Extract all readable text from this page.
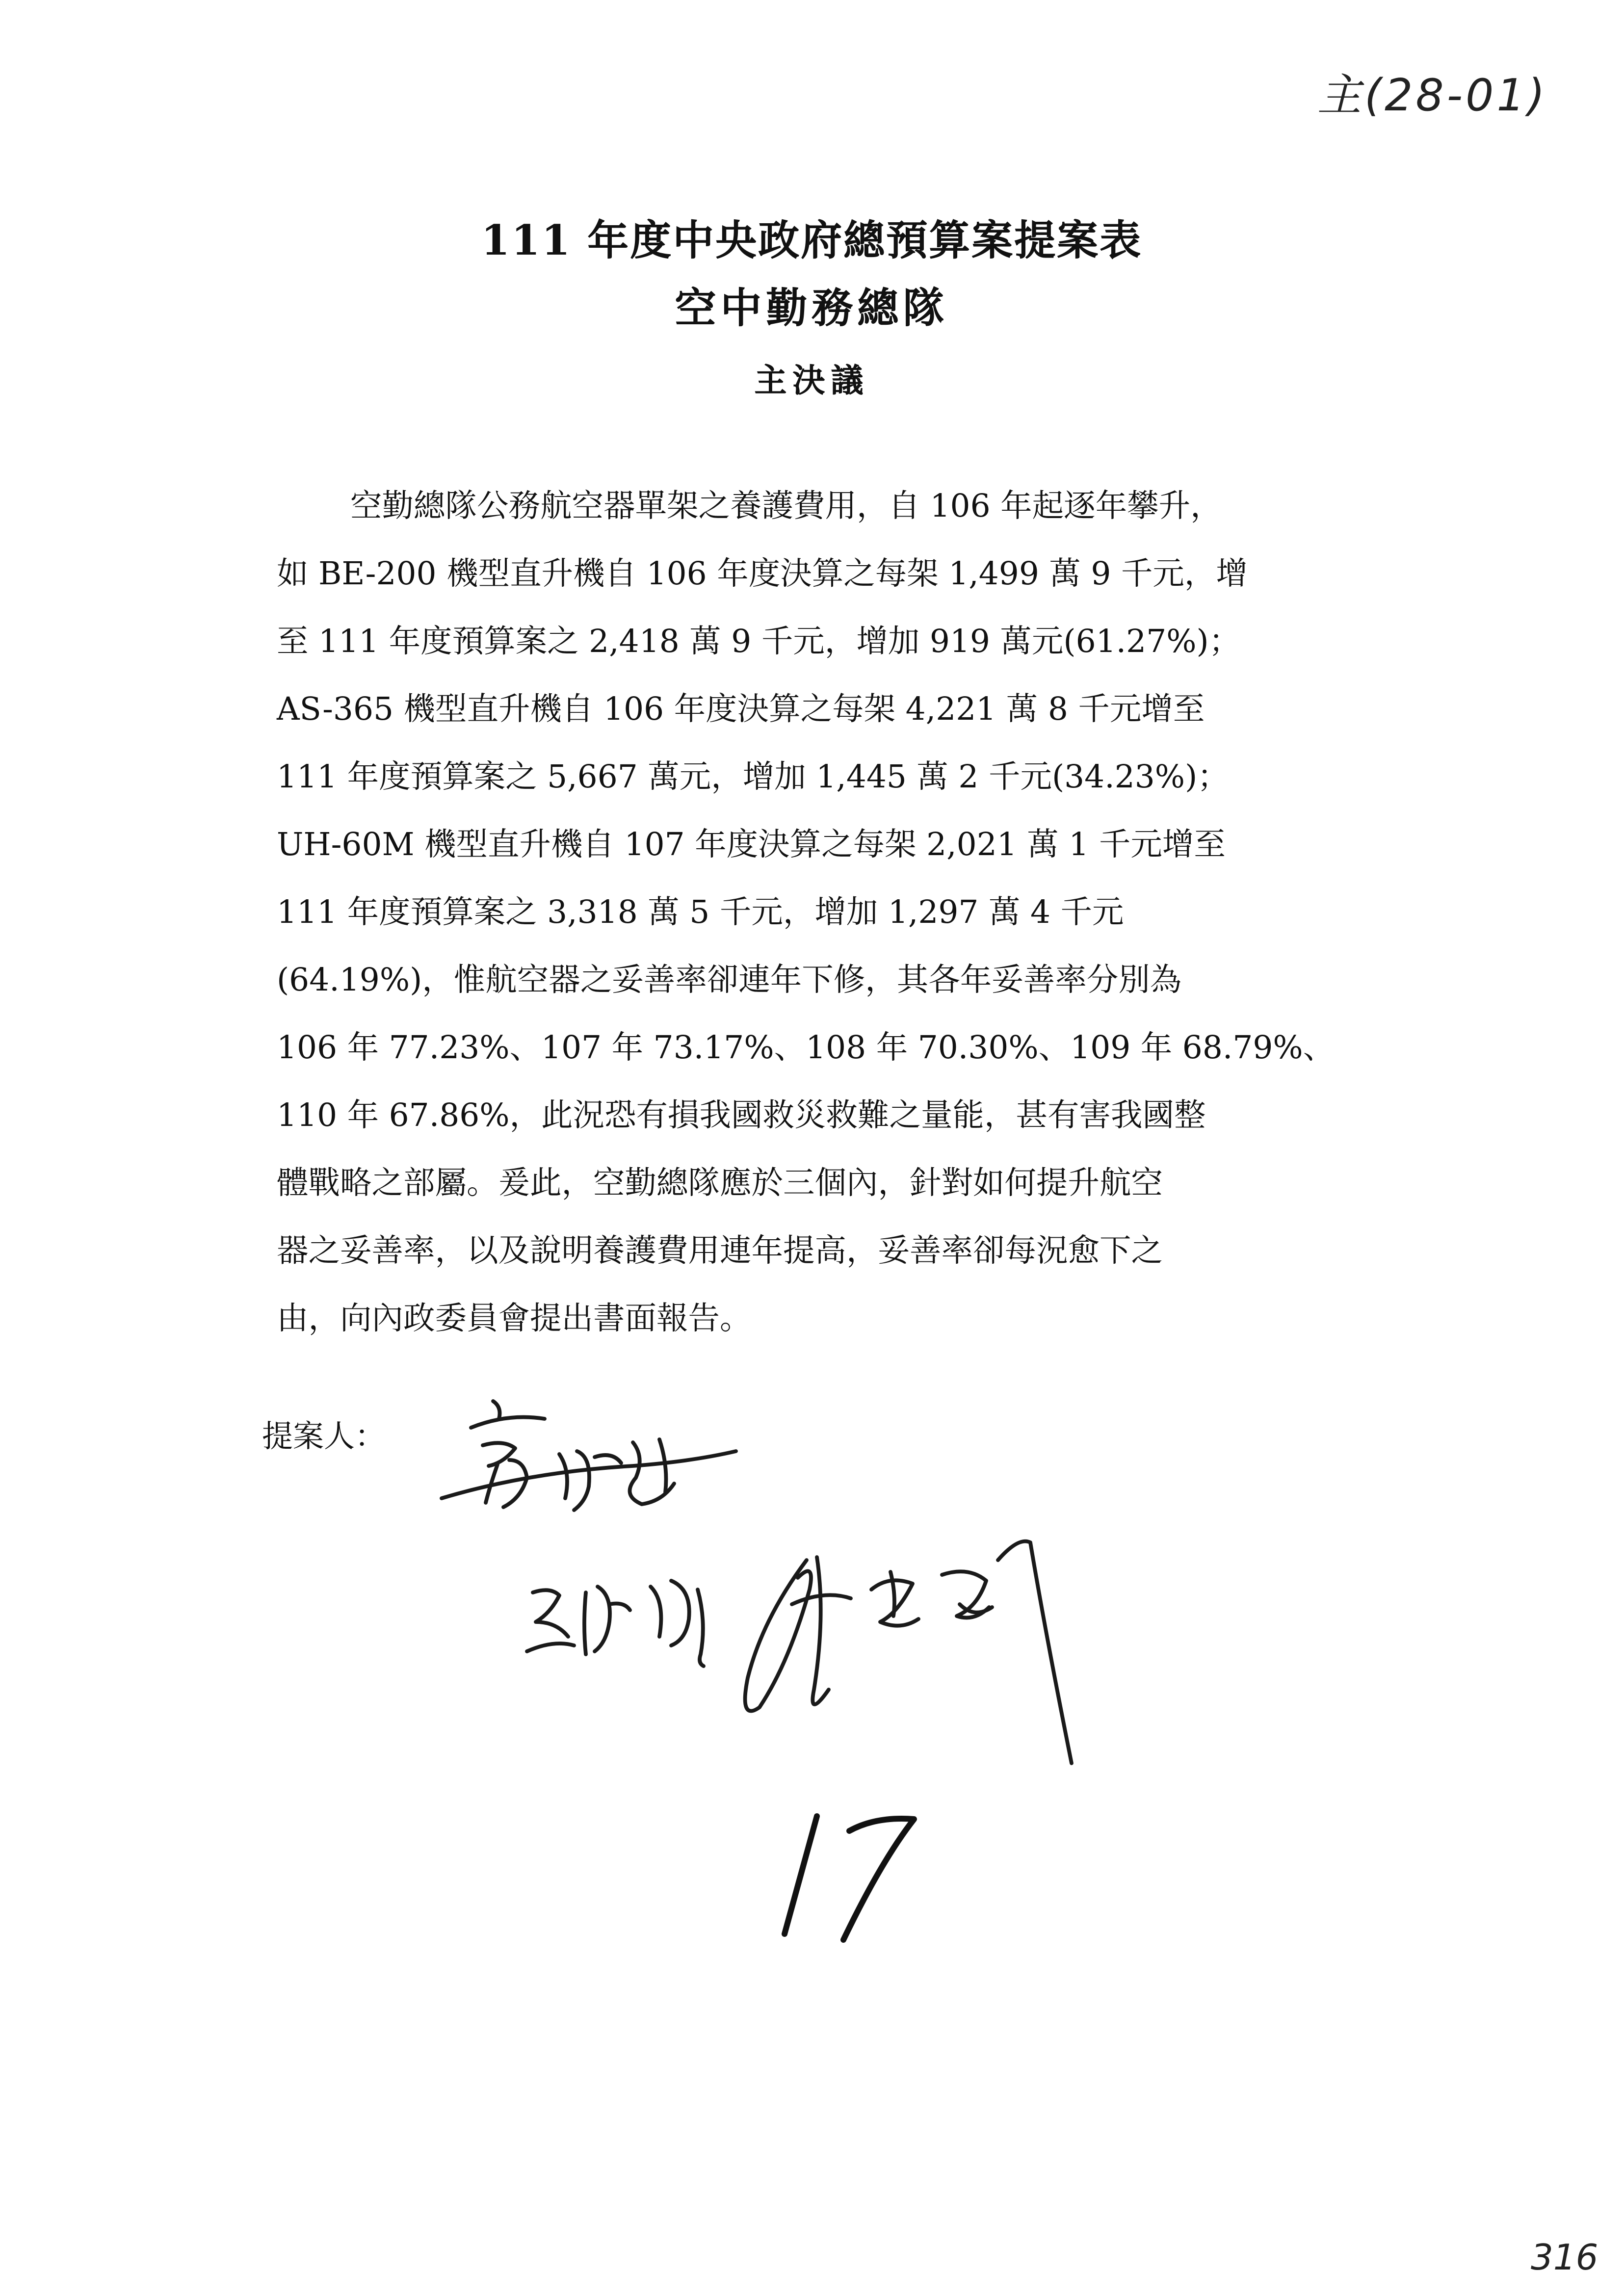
主(28-01)
111 年度中央政府總預算案提案表
空中勤務總隊
主決議
空勤總隊公務航空器單架之養護費用，自 106 年起逐年攀升，
如 BE-200 機型直升機自 106 年度決算之每架 1,499 萬 9 千元，增
至 111 年度預算案之 2,418 萬 9 千元，增加 919 萬元(61.27%)；
AS-365 機型直升機自 106 年度決算之每架 4,221 萬 8 千元增至
111 年度預算案之 5,667 萬元，增加 1,445 萬 2 千元(34.23%)；
UH-60M 機型直升機自 107 年度決算之每架 2,021 萬 1 千元增至
111 年度預算案之 3,318 萬 5 千元，增加 1,297 萬 4 千元
(64.19%)，惟航空器之妥善率卻連年下修，其各年妥善率分別為
106 年 77.23%、107 年 73.17%、108 年 70.30%、109 年 68.79%、
110 年 67.86%，此況恐有損我國救災救難之量能，甚有害我國整
體戰略之部屬。爰此，空勤總隊應於三個內，針對如何提升航空
器之妥善率，以及說明養護費用連年提高，妥善率卻每況愈下之
由，向內政委員會提出書面報告。
提案人：
17
316
